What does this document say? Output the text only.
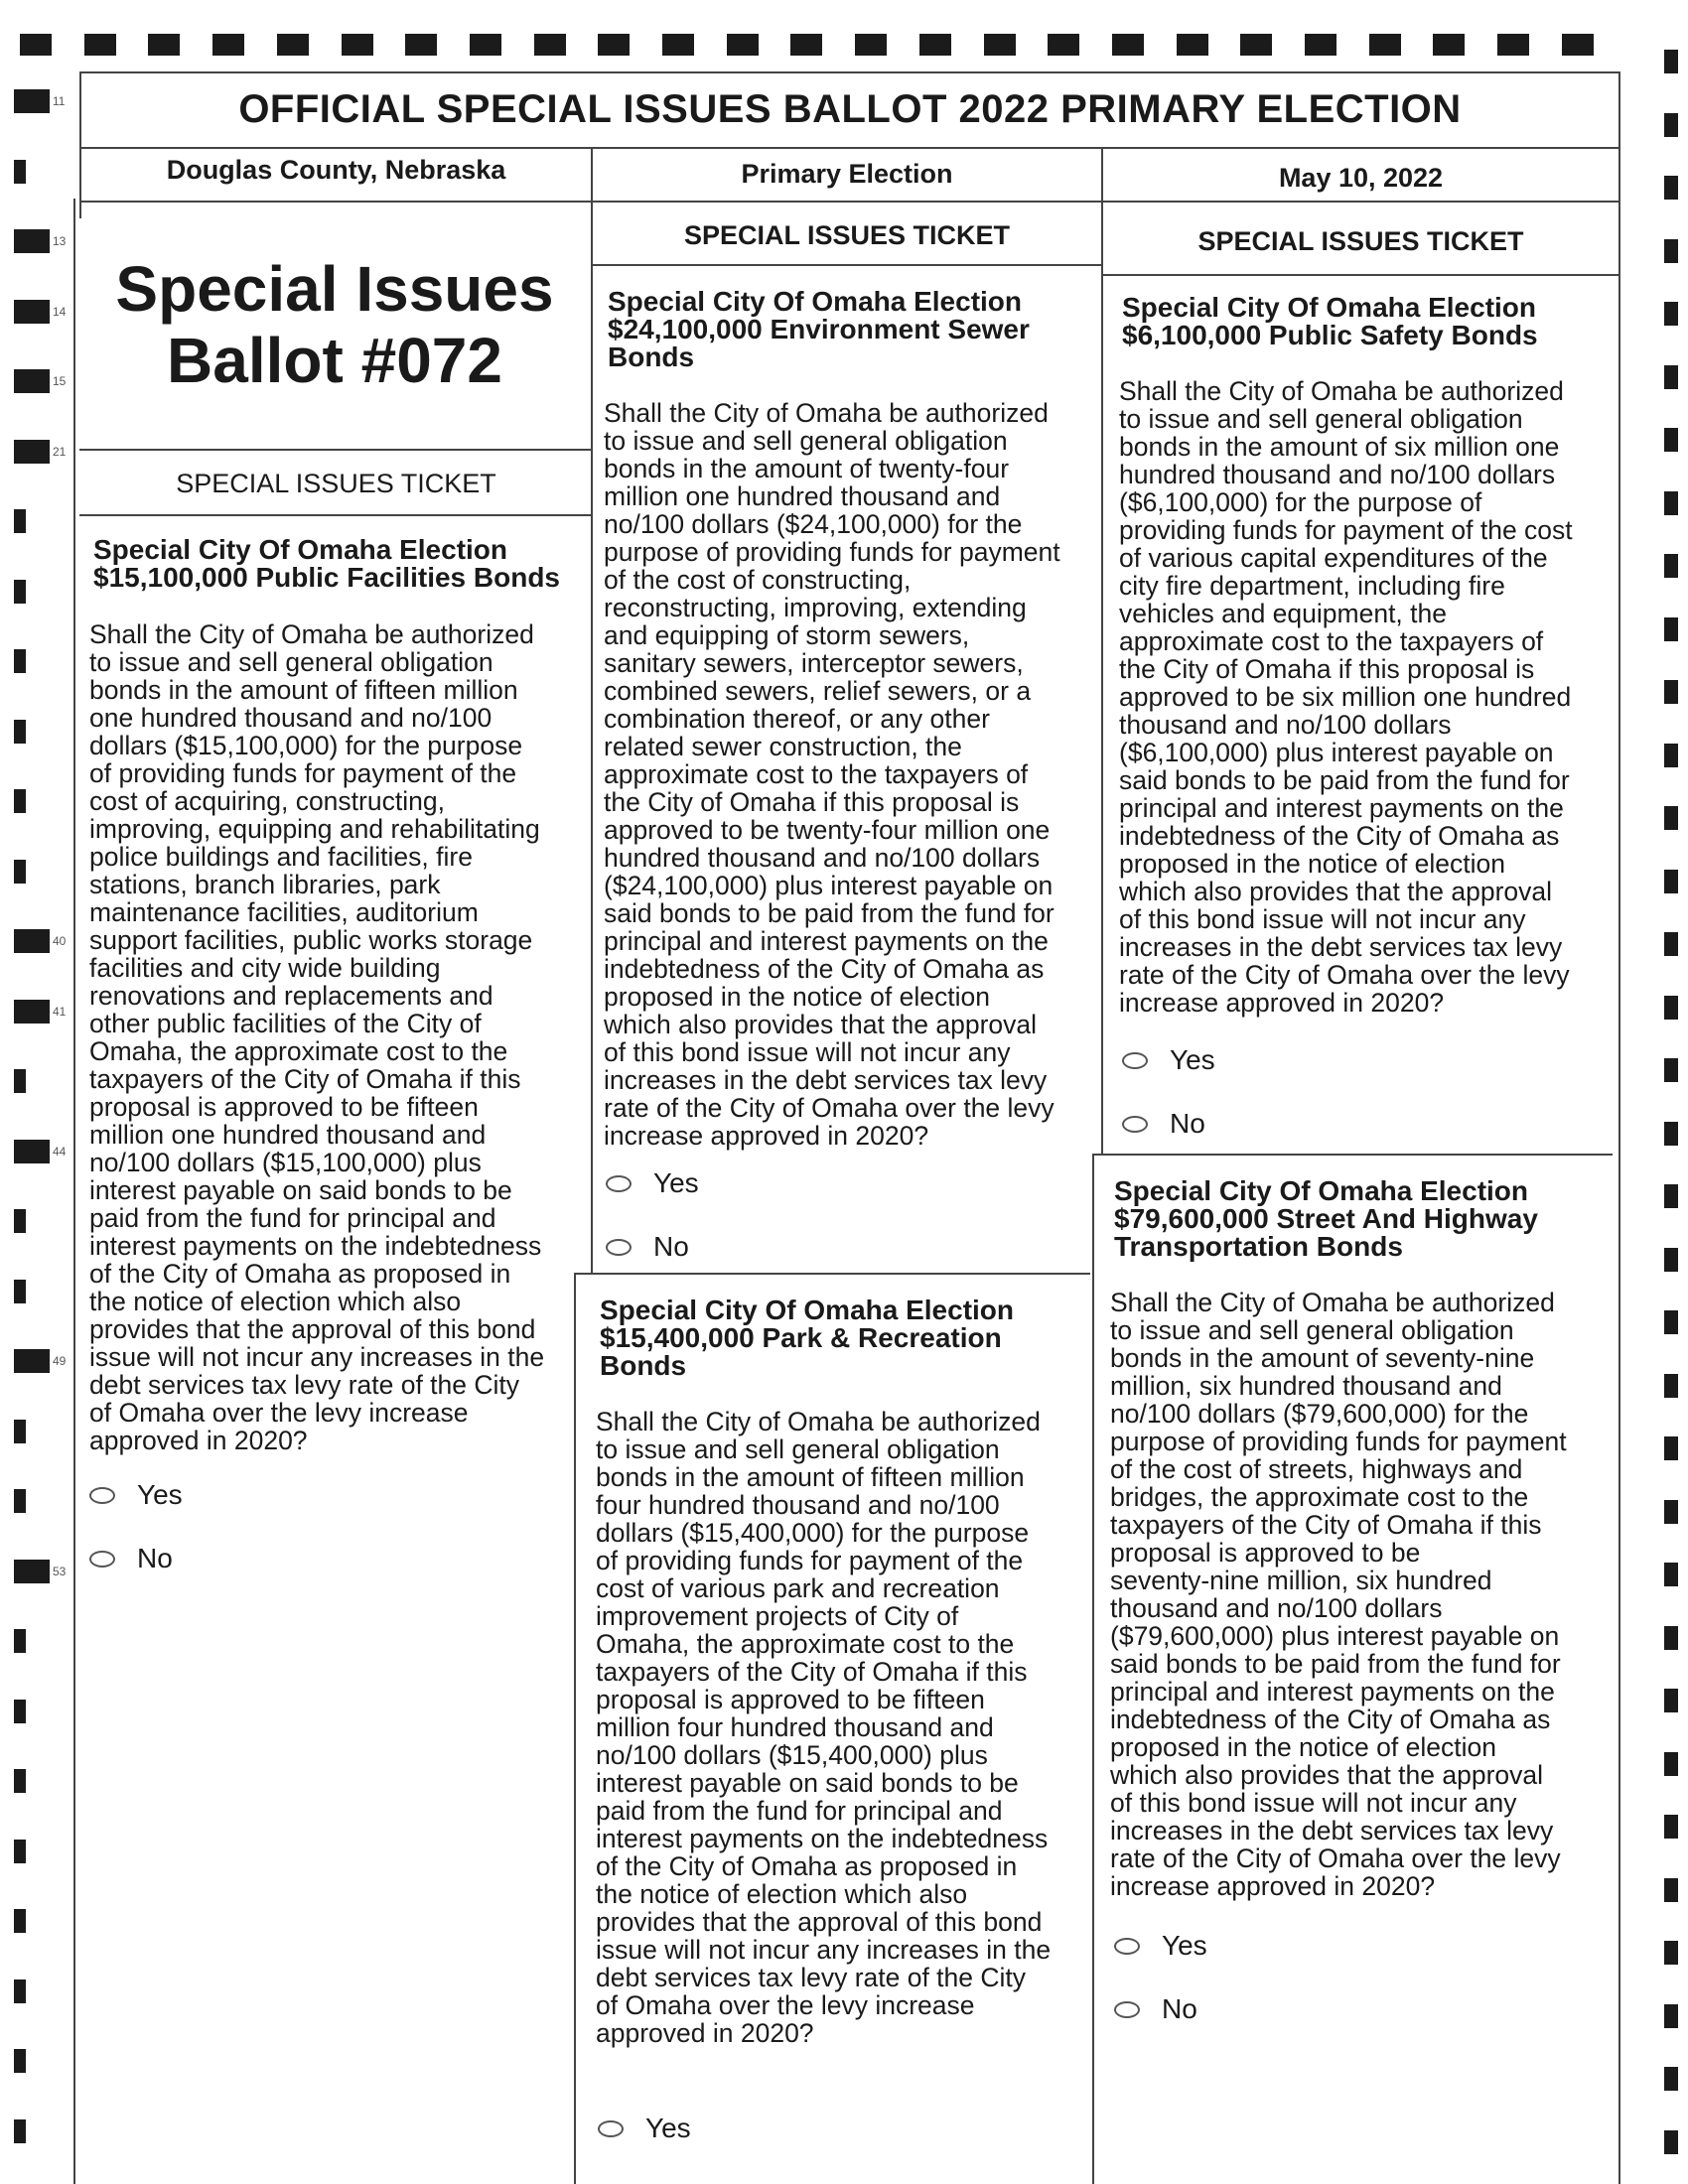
11
13
14
15
21
40
41
44
49
53
OFFICIAL SPECIAL ISSUES BALLOT 2022 PRIMARY ELECTION
Douglas County, Nebraska	Primary Election	May 10, 2022
SPECIAL ISSUES TICKET	SPECIAL ISSUES TICKET
SPECIAL ISSUES TICKET
Special Issues
Ballot #072
Special City Of Omaha Election
$15,100,000 Public Facilities Bonds
Shall the City of Omaha be authorized
to issue and sell general obligation
bonds in the amount of fifteen million
one hundred thousand and no/100
dollars ($15,100,000) for the purpose
of providing funds for payment of the
cost of acquiring, constructing,
improving, equipping and rehabilitating
police buildings and facilities, fire
stations, branch libraries, park
maintenance facilities, auditorium
support facilities, public works storage
facilities and city wide building
renovations and replacements and
other public facilities of the City of
Omaha, the approximate cost to the
taxpayers of the City of Omaha if this
proposal is approved to be fifteen
million one hundred thousand and
no/100 dollars ($15,100,000) plus
interest payable on said bonds to be
paid from the fund for principal and
interest payments on the indebtedness
of the City of Omaha as proposed in
the notice of election which also
provides that the approval of this bond
issue will not incur any increases in the
debt services tax levy rate of the City
of Omaha over the levy increase
approved in 2020?
Yes
No
Special City Of Omaha Election
$24,100,000 Environment Sewer
Bonds
Shall the City of Omaha be authorized
to issue and sell general obligation
bonds in the amount of twenty-four
million one hundred thousand and
no/100 dollars ($24,100,000) for the
purpose of providing funds for payment
of the cost of constructing,
reconstructing, improving, extending
and equipping of storm sewers,
sanitary sewers, interceptor sewers,
combined sewers, relief sewers, or a
combination thereof, or any other
related sewer construction, the
approximate cost to the taxpayers of
the City of Omaha if this proposal is
approved to be twenty-four million one
hundred thousand and no/100 dollars
($24,100,000) plus interest payable on
said bonds to be paid from the fund for
principal and interest payments on the
indebtedness of the City of Omaha as
proposed in the notice of election
which also provides that the approval
of this bond issue will not incur any
increases in the debt services tax levy
rate of the City of Omaha over the levy
increase approved in 2020?
Yes
No
Special City Of Omaha Election
$15,400,000 Park & Recreation
Bonds
Shall the City of Omaha be authorized
to issue and sell general obligation
bonds in the amount of fifteen million
four hundred thousand and no/100
dollars ($15,400,000) for the purpose
of providing funds for payment of the
cost of various park and recreation
improvement projects of City of
Omaha, the approximate cost to the
taxpayers of the City of Omaha if this
proposal is approved to be fifteen
million four hundred thousand and
no/100 dollars ($15,400,000) plus
interest payable on said bonds to be
paid from the fund for principal and
interest payments on the indebtedness
of the City of Omaha as proposed in
the notice of election which also
provides that the approval of this bond
issue will not incur any increases in the
debt services tax levy rate of the City
of Omaha over the levy increase
approved in 2020?
Yes
Special City Of Omaha Election
$6,100,000 Public Safety Bonds
Shall the City of Omaha be authorized
to issue and sell general obligation
bonds in the amount of six million one
hundred thousand and no/100 dollars
($6,100,000) for the purpose of
providing funds for payment of the cost
of various capital expenditures of the
city fire department, including fire
vehicles and equipment, the
approximate cost to the taxpayers of
the City of Omaha if this proposal is
approved to be six million one hundred
thousand and no/100 dollars
($6,100,000) plus interest payable on
said bonds to be paid from the fund for
principal and interest payments on the
indebtedness of the City of Omaha as
proposed in the notice of election
which also provides that the approval
of this bond issue will not incur any
increases in the debt services tax levy
rate of the City of Omaha over the levy
increase approved in 2020?
Yes
No
Special City Of Omaha Election
$79,600,000 Street And Highway
Transportation Bonds
Shall the City of Omaha be authorized
to issue and sell general obligation
bonds in the amount of seventy-nine
million, six hundred thousand and
no/100 dollars ($79,600,000) for the
purpose of providing funds for payment
of the cost of streets, highways and
bridges, the approximate cost to the
taxpayers of the City of Omaha if this
proposal is approved to be
seventy-nine million, six hundred
thousand and no/100 dollars
($79,600,000) plus interest payable on
said bonds to be paid from the fund for
principal and interest payments on the
indebtedness of the City of Omaha as
proposed in the notice of election
which also provides that the approval
of this bond issue will not incur any
increases in the debt services tax levy
rate of the City of Omaha over the levy
increase approved in 2020?
Yes
No
